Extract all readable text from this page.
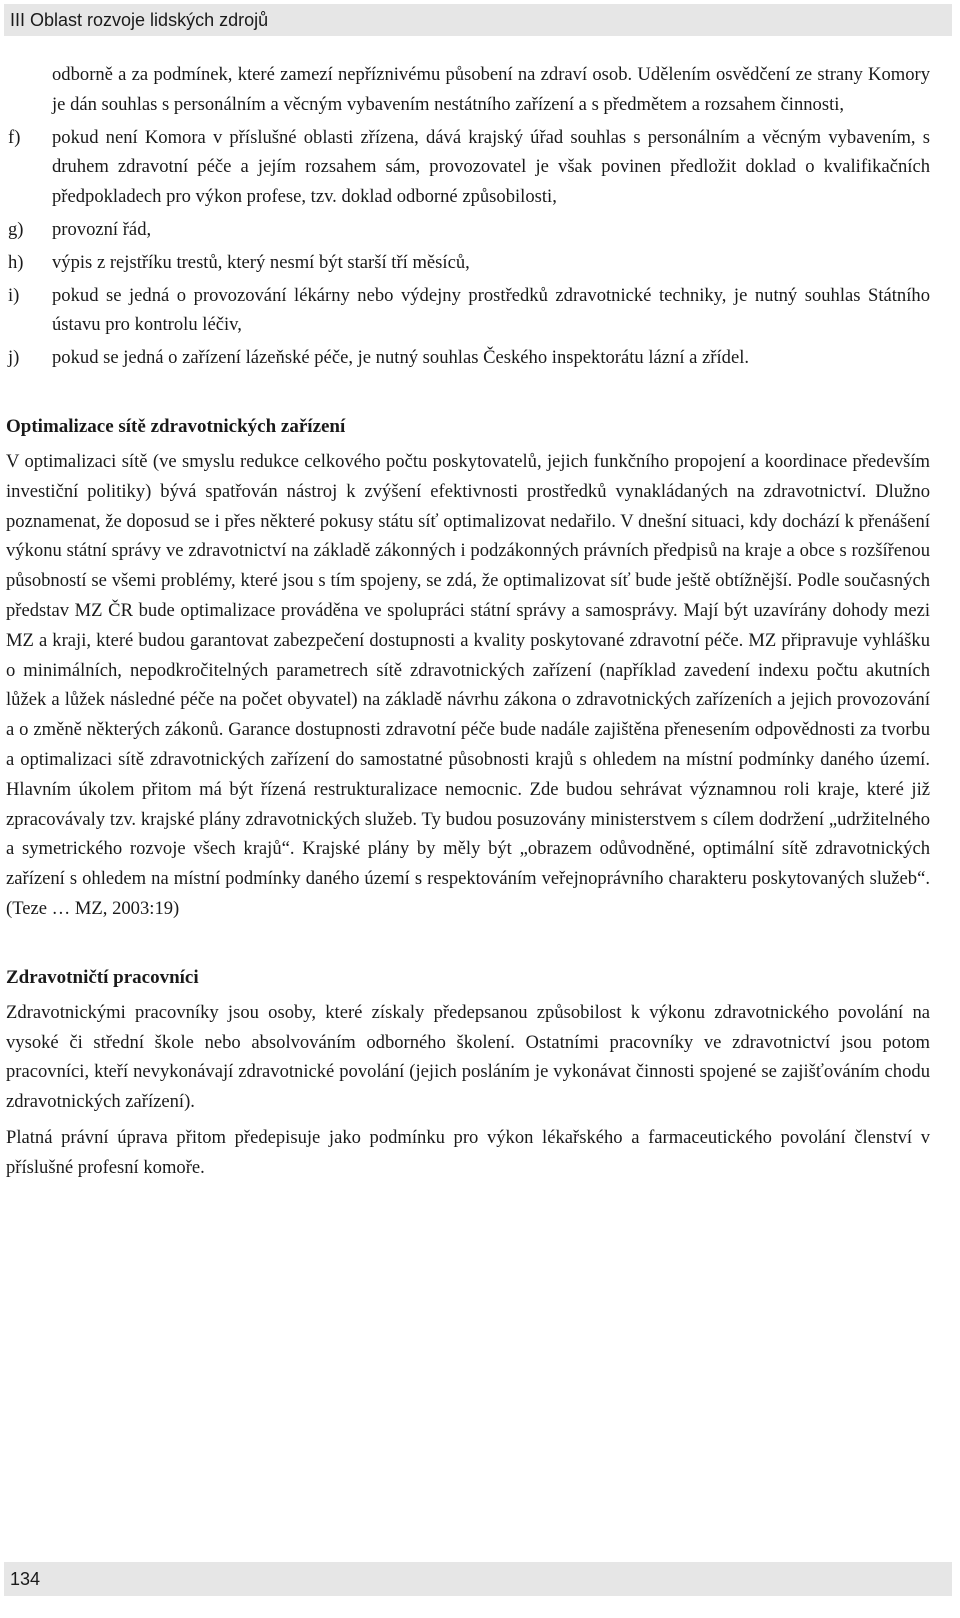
III Oblast rozvoje lidských zdrojů
odborně a za podmínek, které zamezí nepříznivému působení na zdraví osob. Udělením osvědčení ze strany Komory je dán souhlas s personálním a věcným vybavením nestátního zařízení a s předmětem a rozsahem činnosti,
f) pokud není Komora v příslušné oblasti zřízena, dává krajský úřad souhlas s personálním a věcným vybavením, s druhem zdravotní péče a jejím rozsahem sám, provozovatel je však povinen předložit doklad o kvalifikačních předpokladech pro výkon profese, tzv. doklad odborné způsobilosti,
g) provozní řád,
h) výpis z rejstříku trestů, který nesmí být starší tří měsíců,
i) pokud se jedná o provozování lékárny nebo výdejny prostředků zdravotnické techniky, je nutný souhlas Státního ústavu pro kontrolu léčiv,
j) pokud se jedná o zařízení lázeňské péče, je nutný souhlas Českého inspektorátu lázní a zřídel.
Optimalizace sítě zdravotnických zařízení

V optimalizaci sítě (ve smyslu redukce celkového počtu poskytovatelů, jejich funkčního propojení a koordinace především investiční politiky) bývá spatřován nástroj k zvýšení efektivnosti prostředků vynakládaných na zdravotnictví. Dlužno poznamenat, že doposud se i přes některé pokusy státu síť optimalizovat nedařilo. V dnešní situaci, kdy dochází k přenášení výkonu státní správy ve zdravotnictví na základě zákonných i podzákonných právních předpisů na kraje a obce s rozšířenou působností se všemi problémy, které jsou s tím spojeny, se zdá, že optimalizovat síť bude ještě obtížnější. Podle současných představ MZ ČR bude optimalizace prováděna ve spolupráci státní správy a samosprávy. Mají být uzavírány dohody mezi MZ a kraji, které budou garantovat zabezpečení dostupnosti a kvality poskytované zdravotní péče. MZ připravuje vyhlášku o minimálních, nepodkročitelných parametrech sítě zdravotnických zařízení (například zavedení indexu počtu akutních lůžek a lůžek následné péče na počet obyvatel) na základě návrhu zákona o zdravotnických zařízeních a jejich provozování a o změně některých zákonů. Garance dostupnosti zdravotní péče bude nadále zajištěna přenesením odpovědnosti za tvorbu a optimalizaci sítě zdravotnických zařízení do samostatné působnosti krajů s ohledem na místní podmínky daného území. Hlavním úkolem přitom má být řízená restrukturalizace nemocnic. Zde budou sehrávat významnou roli kraje, které již zpracovávaly tzv. krajské plány zdravotnických služeb. Ty budou posuzovány ministerstvem s cílem dodržení „udržitelného a symetrického rozvoje všech krajů“. Krajské plány by měly být „obrazem odůvodněné, optimální sítě zdravotnických zařízení s ohledem na místní podmínky daného území s respektováním veřejnoprávního charakteru poskytovaných služeb“. (Teze … MZ, 2003:19)

Zdravotničtí pracovníci

Zdravotnickými pracovníky jsou osoby, které získaly předepsanou způsobilost k výkonu zdravotnického povolání na vysoké či střední škole nebo absolvováním odborného školení. Ostatními pracovníky ve zdravotnictví jsou potom pracovníci, kteří nevykonávají zdravotnické povolání (jejich posláním je vykonávat činnosti spojené se zajišťováním chodu zdravotnických zařízení).

Platná právní úprava přitom předepisuje jako podmínku pro výkon lékařského a farmaceutického povolání členství v příslušné profesní komoře.

134
